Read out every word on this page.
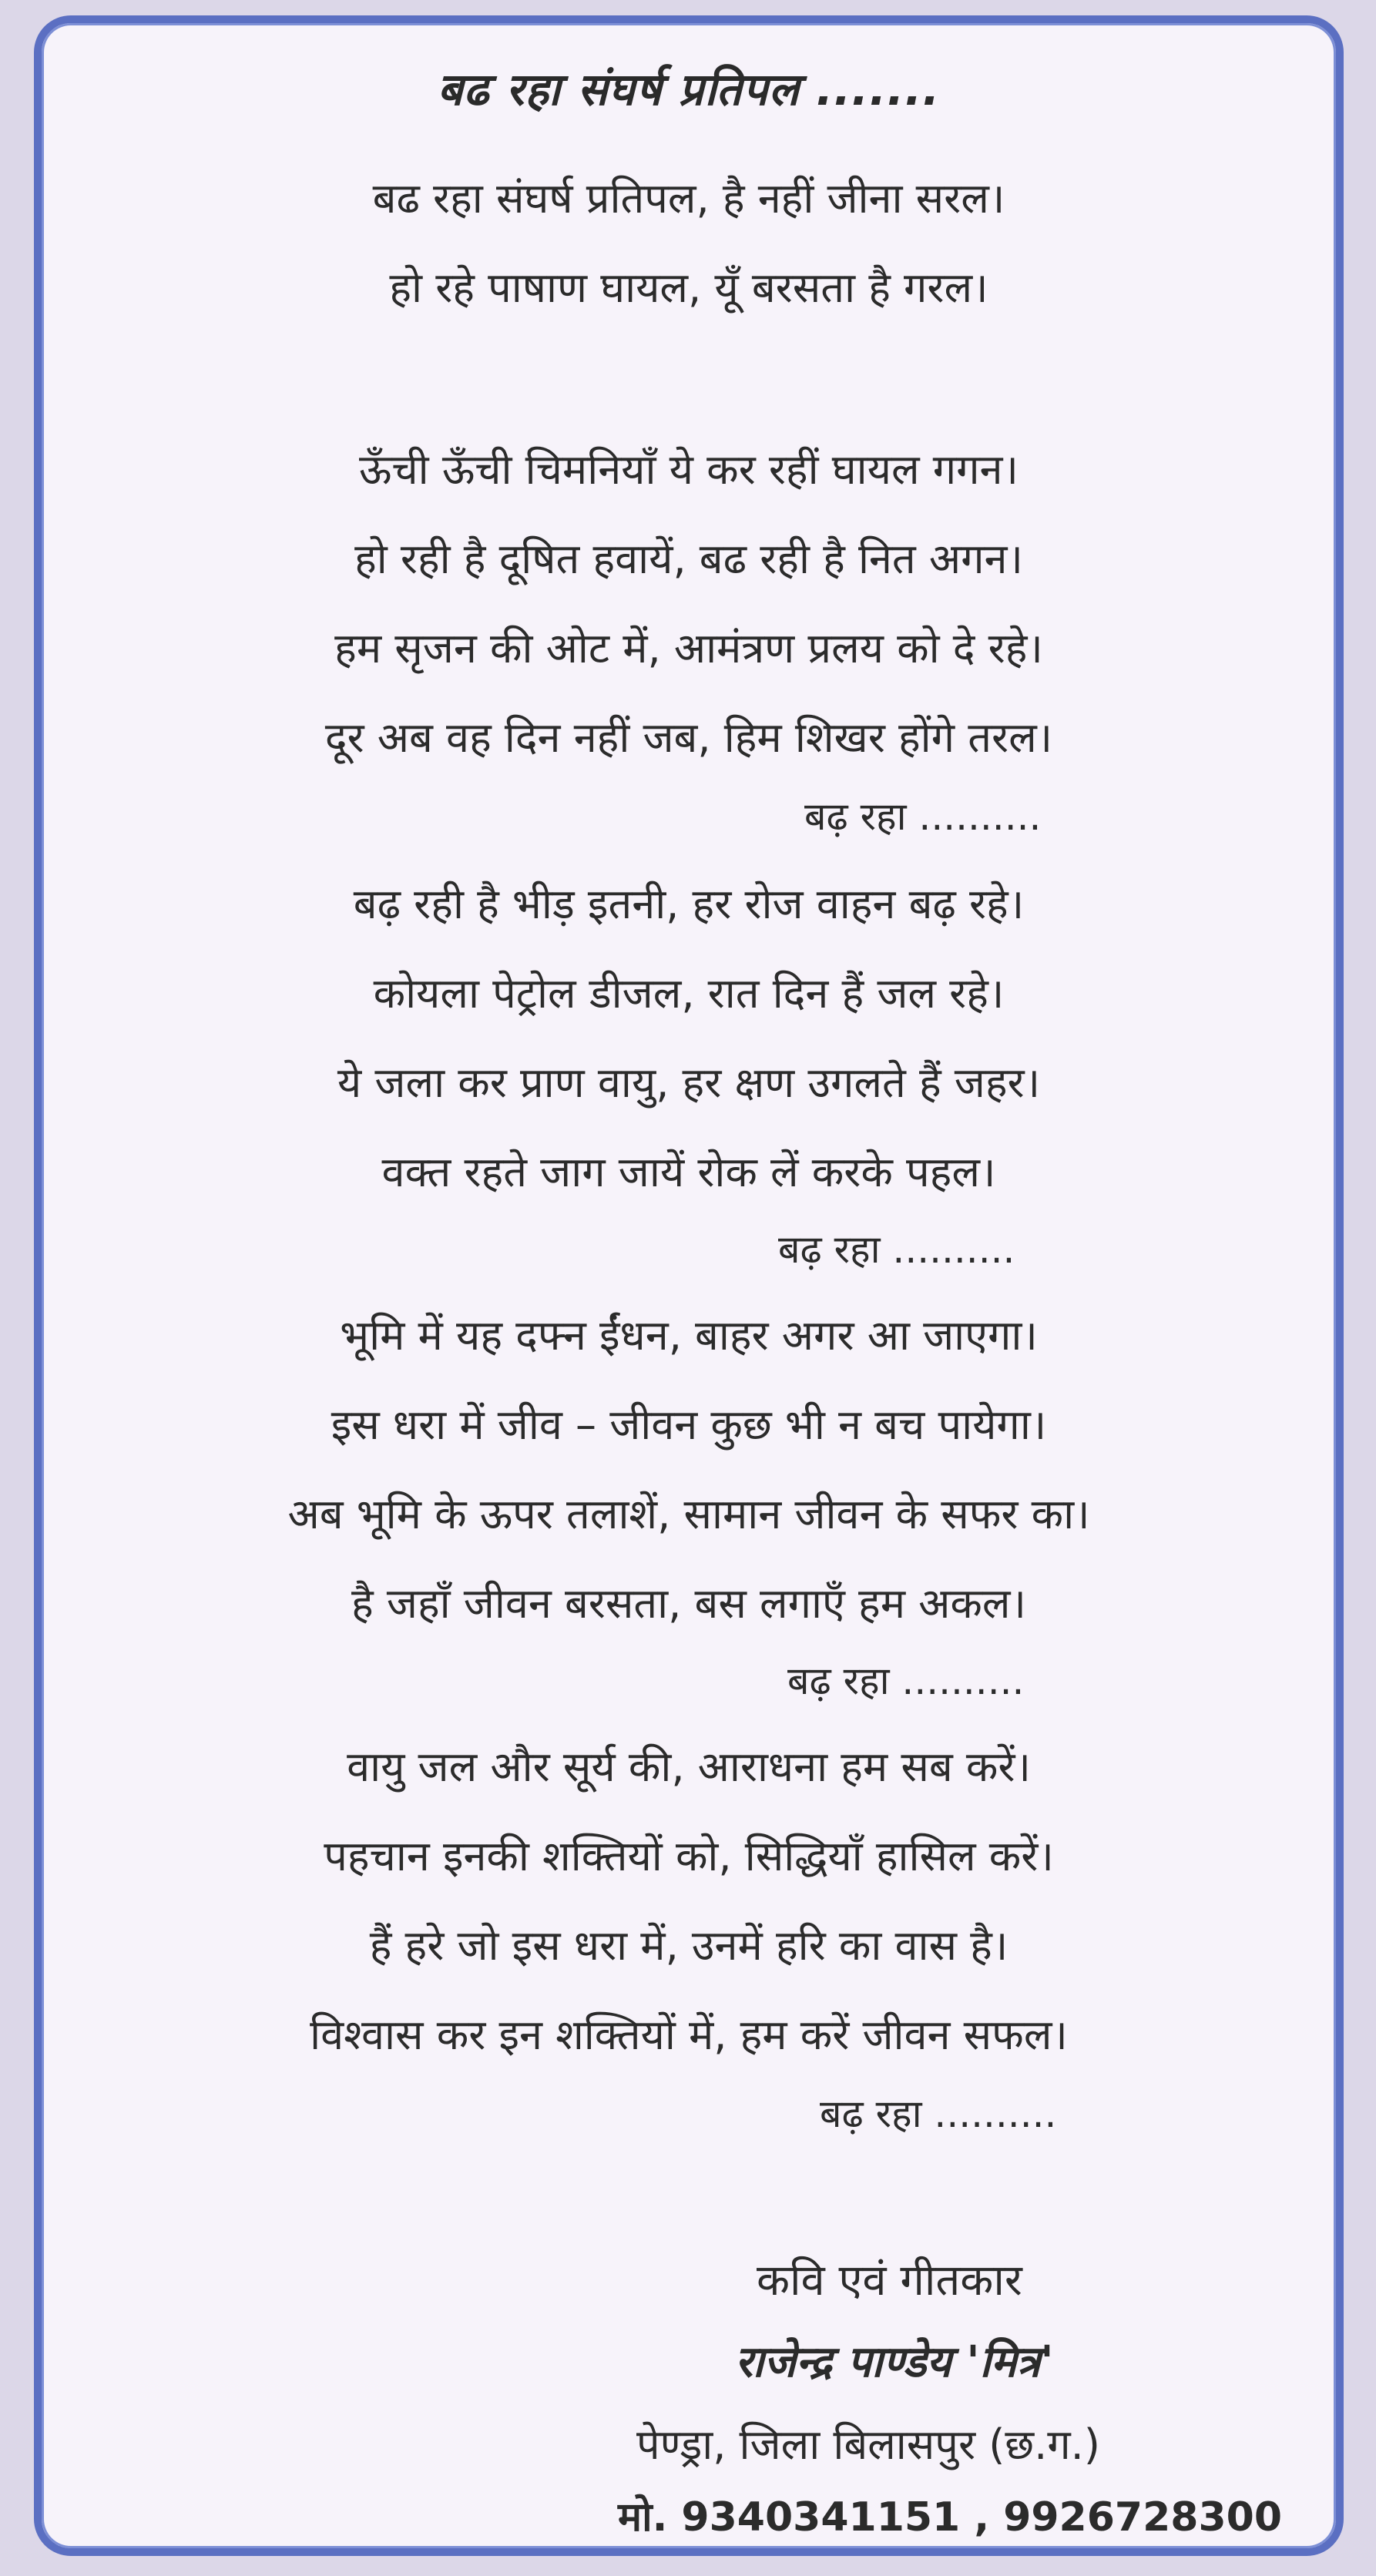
बढ रहा संघर्ष प्रतिपल .......
बढ रहा संघर्ष प्रतिपल, है नहीं जीना सरल।
हो रहे पाषाण घायल, यूँ बरसता है गरल।
ऊँची ऊँची चिमनियाँ ये कर रहीं घायल गगन।
हो रही है दूषित हवायें, बढ रही है नित अगन।
हम सृजन की ओट में, आमंत्रण प्रलय को दे रहे।
दूर अब वह दिन नहीं जब, हिम शिखर होंगे तरल।
बढ़ रहा ..........
बढ़ रही है भीड़ इतनी, हर रोज वाहन बढ़ रहे।
कोयला पेट्रोल डीजल, रात दिन हैं जल रहे।
ये जला कर प्राण वायु, हर क्षण उगलते हैं जहर।
वक्त रहते जाग जायें रोक लें करके पहल।
बढ़ रहा ..........
भूमि में यह दफ्न ईंधन, बाहर अगर आ जाएगा।
इस धरा में जीव – जीवन कुछ भी न बच पायेगा।
अब भूमि के ऊपर तलाशें, सामान जीवन के सफर का।
है जहाँ जीवन बरसता, बस लगाएँ हम अकल।
बढ़ रहा ..........
वायु जल और सूर्य की, आराधना हम सब करें।
पहचान इनकी शक्तियों को, सिद्धियाँ हासिल करें।
हैं हरे जो इस धरा में, उनमें हरि का वास है।
विश्वास कर इन शक्तियों में, हम करें जीवन सफल।
बढ़ रहा ..........
कवि एवं गीतकार
राजेन्द्र पाण्डेय 'मित्र'
पेण्ड्रा, जिला बिलासपुर (छ.ग.)
मो. 9340341151 , 9926728300
